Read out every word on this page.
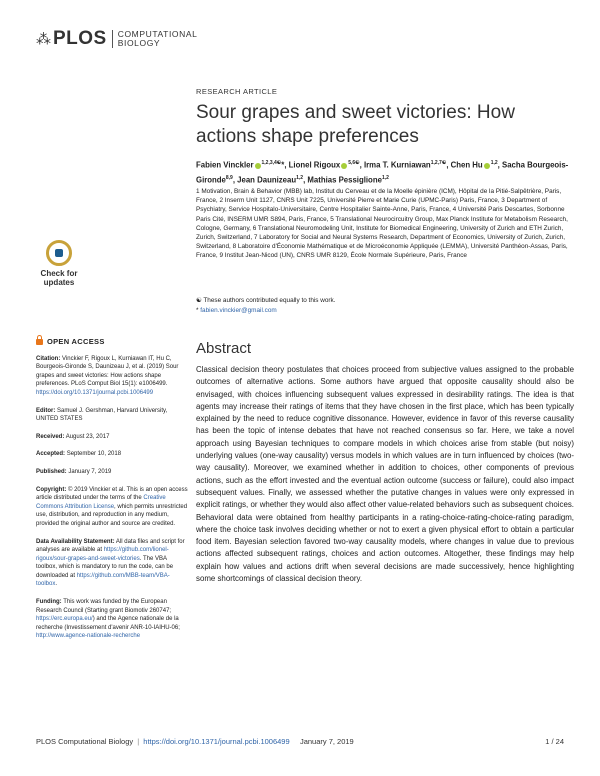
⁂ PLOS COMPUTATIONAL
BIOLOGY
Check for
updates
OPEN ACCESS

Citation: Vinckier F, Rigoux L, Kurniawan IT, Hu C, Bourgeois-Gironde S, Daunizeau J, et al. (2019) Sour grapes and sweet victories: How actions shape preferences. PLoS Comput Biol 15(1): e1006499. https://doi.org/10.1371/journal.pcbi.1006499

Editor: Samuel J. Gershman, Harvard University, UNITED STATES

Received: August 23, 2017

Accepted: September 10, 2018

Published: January 7, 2019

Copyright: © 2019 Vinckier et al. This is an open access article distributed under the terms of the Creative Commons Attribution License, which permits unrestricted use, distribution, and reproduction in any medium, provided the original author and source are credited.

Data Availability Statement: All data files and script for analyses are available at https://github.com/lionel-rigoux/sour-grapes-and-sweet-victories. The VBA toolbox, which is mandatory to run the code, can be downloaded at https://github.com/MBB-team/VBA-toolbox.

Funding: This work was funded by the European Research Council (Starting grant Biomotiv 260747; https://erc.europa.eu/) and the Agence nationale de la recherche (Investissement d'avenir ANR-10-IAIHU-06; http://www.agence-nationale-recherche

RESEARCH ARTICLE
Sour grapes and sweet victories: How actions shape preferences
Fabien Vinckler $^{1,2,3,4☯}$*, Lionel Rigoux $^{5,6☯}$, Irma T. Kurniawan$^{1,2,7☯}$, Chen Hu $^{1,2}$, Sacha Bourgeois-Gironde$^{8,9}$, Jean Daunizeau$^{1,2}$, Mathias Pessiglione$^{1,2}$
1 Motivation, Brain & Behavior (MBB) lab, Institut du Cerveau et de la Moelle épinière (ICM), Hôpital de la Pitié-Salpêtrière, Paris, France, 2 Inserm Unit 1127, CNRS Unit 7225, Université Pierre et Marie Curie (UPMC-Paris) Paris, France, 3 Department of Psychiatry, Service Hospitalo-Universitaire, Centre Hospitalier Sainte-Anne, Paris, France, 4 Université Paris Descartes, Sorbonne Paris Cité, INSERM UMR S894, Paris, France, 5 Translational Neurocircuitry Group, Max Planck Institute for Metabolism Research, Cologne, Germany, 6 Translational Neuromodeling Unit, Institute for Biomedical Engineering, University of Zurich and ETH Zurich, Zurich, Switzerland, 7 Laboratory for Social and Neural Systems Research, Department of Economics, University of Zurich, Zurich, Switzerland, 8 Laboratoire d'Économie Mathématique et de Microéconomie Appliquée (LEMMA), Université Panthéon-Assas, Paris, France, 9 Institut Jean-Nicod (UN), CNRS UMR 8129, École Normale Supérieure, Paris, France
☯ These authors contributed equally to this work.
* fabien.vinckier@gmail.com
Abstract

Classical decision theory postulates that choices proceed from subjective values assigned to the probable outcomes of alternative actions. Some authors have argued that opposite causality should also be envisaged, with choices influencing subsequent values expressed in desirability ratings. The idea is that agents may increase their ratings of items that they have chosen in the first place, which has been typically explained by the need to reduce cognitive dissonance. However, evidence in favor of this reverse causality has been the topic of intense debates that have not reached consensus so far. Here, we take a novel approach using Bayesian techniques to compare models in which choices arise from stable (but noisy) underlying values (one-way causality) versus models in which values are in turn influenced by choices (two-way causality). Moreover, we examined whether in addition to choices, other components of previous actions, such as the effort invested and the eventual action outcome (success or failure), could also impact subsequent values. Finally, we assessed whether the putative changes in values were only expressed in explicit ratings, or whether they would also affect other value-related behaviors such as subsequent choices. Behavioral data were obtained from healthy participants in a rating-choice-rating-choice-rating paradigm, where the choice task involves deciding whether or not to exert a given physical effort to obtain a particular food item. Bayesian selection favored two-way causality models, where changes in value due to previous actions affected subsequent ratings, choices and action outcomes. Altogether, these findings may help explain how values and actions drift when several decisions are made successively, hence highlighting some shortcomings of classical decision theory.

PLOS Computational Biology | https://doi.org/10.1371/journal.pcbi.1006499 January 7, 2019	1 / 24
